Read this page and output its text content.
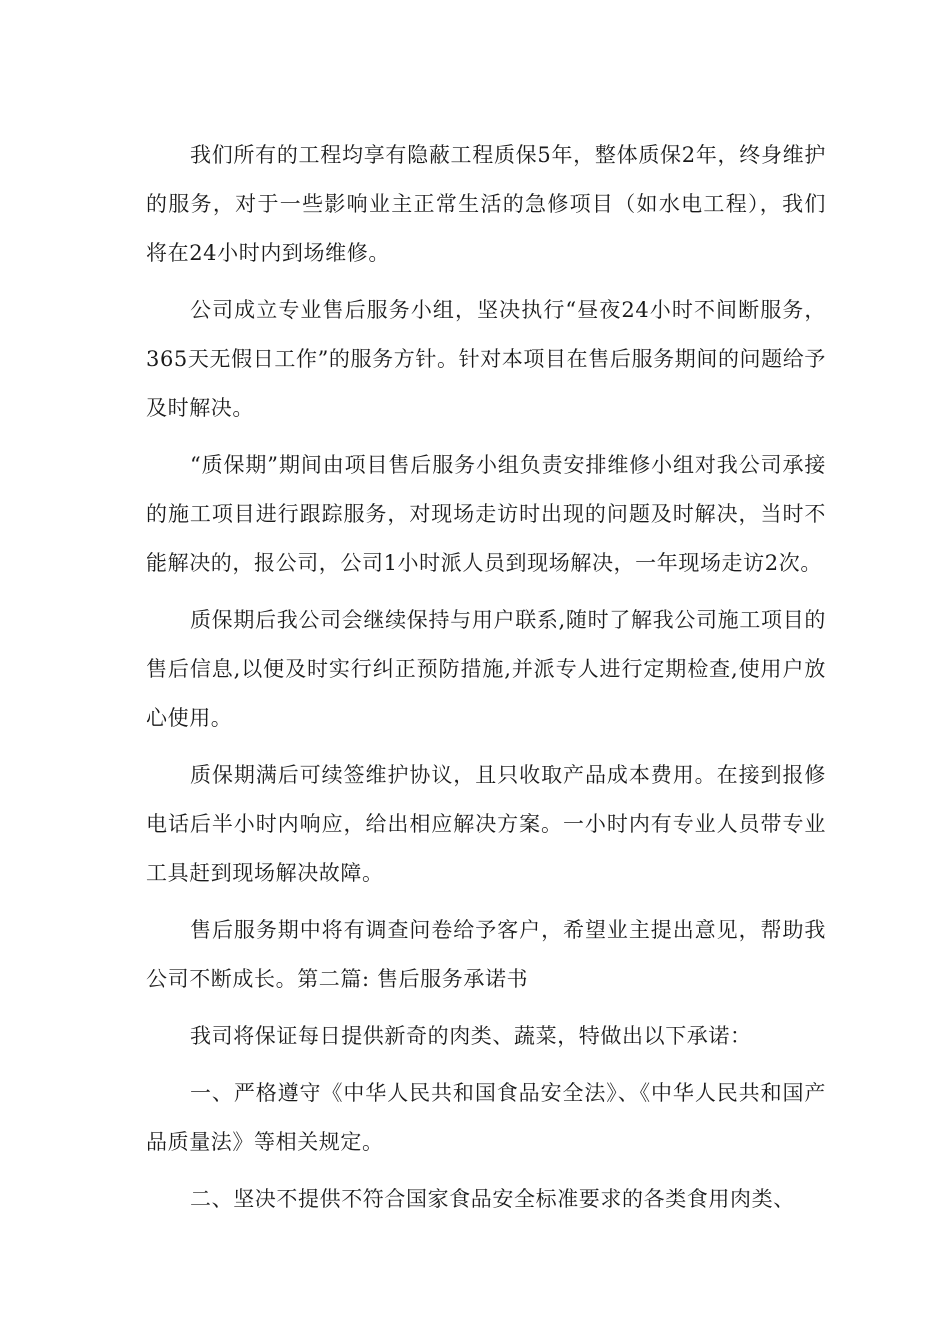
我们所有的工程均享有隐蔽工程质保5年，整体质保2年，终身维护的服务，对于一些影响业主正常生活的急修项目（如水电工程），我们将在24小时内到场维修。

公司成立专业售后服务小组，坚决执行“昼夜24小时不间断服务，365天无假日工作”的服务方针。针对本项目在售后服务期间的问题给予及时解决。

“质保期”期间由项目售后服务小组负责安排维修小组对我公司承接的施工项目进行跟踪服务，对现场走访时出现的问题及时解决，当时不能解决的，报公司，公司1小时派人员到现场解决，一年现场走访2次。

质保期后我公司会继续保持与用户联系,随时了解我公司施工项目的售后信息,以便及时实行纠正预防措施,并派专人进行定期检查,使用户放心使用。

质保期满后可续签维护协议，且只收取产品成本费用。在接到报修电话后半小时内响应，给出相应解决方案。一小时内有专业人员带专业工具赶到现场解决故障。

售后服务期中将有调查问卷给予客户，希望业主提出意见，帮助我公司不断成长。第二篇: 售后服务承诺书

我司将保证每日提供新奇的肉类、蔬菜，特做出以下承诺：

一、严格遵守《中华人民共和国食品安全法》、《中华人民共和国产品质量法》等相关规定。

二、坚决不提供不符合国家食品安全标准要求的各类食用肉类、
